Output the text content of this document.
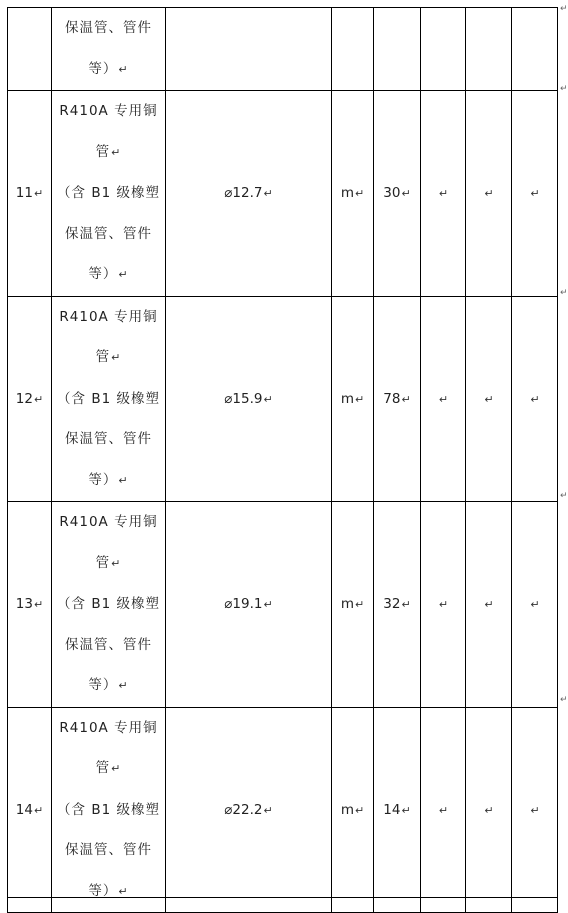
	保温管、管件
等）↵						

11↵	R410A 专用铜
管↵
（含 B1 级橡塑
保温管、管件
等）↵	⌀12.7↵	m↵	30↵	↵	↵	↵
12↵	R410A 专用铜
管↵
（含 B1 级橡塑
保温管、管件
等）↵	⌀15.9↵	m↵	78↵	↵	↵	↵
13↵	R410A 专用铜
管↵
（含 B1 级橡塑
保温管、管件
等）↵	⌀19.1↵	m↵	32↵	↵	↵	↵
14↵	R410A 专用铜
管↵
（含 B1 级橡塑
保温管、管件
等）↵	⌀22.2↵	m↵	14↵	↵	↵	↵
↵
↵
↵
↵
↵
